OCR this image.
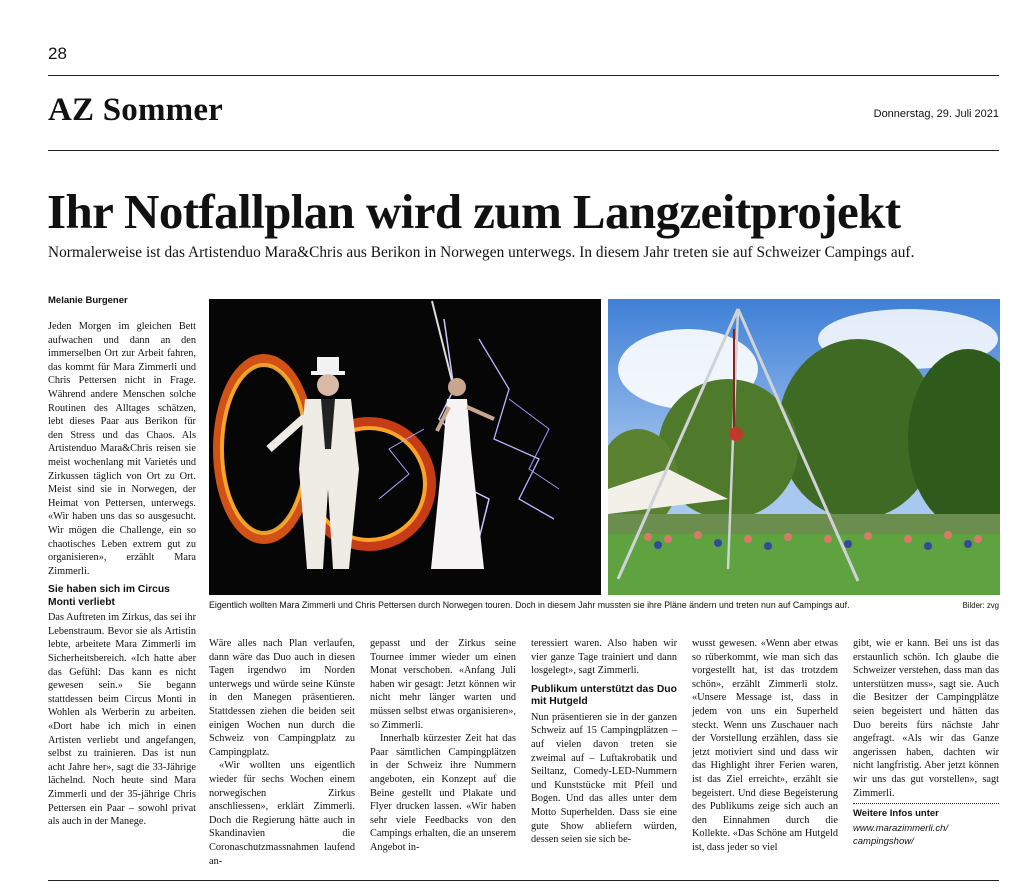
28
AZ Sommer	Donnerstag, 29. Juli 2021
Ihr Notfallplan wird zum Langzeitprojekt
Normalerweise ist das Artistenduo Mara&Chris aus Berikon in Norwegen unterwegs. In diesem Jahr treten sie auf Schweizer Campings auf.
Melanie Burgener

Jeden Morgen im gleichen Bett aufwachen und dann an den immerselben Ort zur Arbeit fahren, das kommt für Mara Zimmerli und Chris Pettersen nicht in Frage. Während andere Menschen solche Routinen des Alltages schätzen, lebt dieses Paar aus Berikon für den Stress und das Chaos. Als Artistenduo Mara&Chris reisen sie meist wochenlang mit Varietés und Zirkussen täglich von Ort zu Ort. Meist sind sie in Norwegen, der Heimat von Pettersen, unterwegs. «Wir haben uns das so ausgesucht. Wir mögen die Challenge, ein so chaotisches Leben extrem gut zu organisieren», erzählt Mara Zimmerli.

Sie haben sich im Circus Monti verliebt

Das Auftreten im Zirkus, das sei ihr Lebenstraum. Bevor sie als Artistin lebte, arbeitete Mara Zimmerli im Sicherheitsbereich. «Ich hatte aber das Gefühl: Das kann es nicht gewesen sein.» Sie begann stattdessen beim Circus Monti in Wohlen als Werberin zu arbeiten. «Dort habe ich mich in einen Artisten verliebt und angefangen, selbst zu trainieren. Das ist nun acht Jahre her», sagt die 33-Jährige lächelnd. Noch heute sind Mara Zimmerli und der 35-jährige Chris Pettersen ein Paar – sowohl privat als auch in der Manege.

Eigentlich wollten Mara Zimmerli und Chris Pettersen durch Norwegen touren. Doch in diesem Jahr mussten sie ihre Pläne ändern und treten nun auf Campings auf.	Bilder: zvg

Wäre alles nach Plan verlaufen, dann wäre das Duo auch in diesen Tagen irgendwo im Norden unterwegs und würde seine Künste in den Manegen präsentieren. Stattdessen ziehen die beiden seit einigen Wochen nun durch die Schweiz von Campingplatz zu Campingplatz.

«Wir wollten uns eigentlich wieder für sechs Wochen einem norwegischen Zirkus anschliessen», erklärt Zimmerli. Doch die Regierung hätte auch in Skandinavien die Coronaschutzmassnahmen laufend an-

gepasst und der Zirkus seine Tournee immer wieder um einen Monat verschoben. «Anfang Juli haben wir gesagt: Jetzt können wir nicht mehr länger warten und müssen selbst etwas organisieren», so Zimmerli.

Innerhalb kürzester Zeit hat das Paar sämtlichen Campingplätzen in der Schweiz ihre Nummern angeboten, ein Konzept auf die Beine gestellt und Plakate und Flyer drucken lassen. «Wir haben sehr viele Feedbacks von den Campings erhalten, die an unserem Angebot in-

teressiert waren. Also haben wir vier ganze Tage trainiert und dann losgelegt», sagt Zimmerli.

Publikum unterstützt das Duo mit Hutgeld

Nun präsentieren sie in der ganzen Schweiz auf 15 Campingplätzen – auf vielen davon treten sie zweimal auf – Luftakrobatik und Seiltanz, Comedy-LED-Nummern und Kunststücke mit Pfeil und Bogen. Und das alles unter dem Motto Superhelden. Dass sie eine gute Show abliefern würden, dessen seien sie sich be-

wusst gewesen. «Wenn aber etwas so rüberkommt, wie man sich das vorgestellt hat, ist das trotzdem schön», erzählt Zimmerli stolz. «Unsere Message ist, dass in jedem von uns ein Superheld steckt. Wenn uns Zuschauer nach der Vorstellung erzählen, dass sie jetzt motiviert sind und dass wir das Highlight ihrer Ferien waren, ist das Ziel erreicht», erzählt sie begeistert. Und diese Begeisterung des Publikums zeige sich auch an den Einnahmen durch die Kollekte. «Das Schöne am Hutgeld ist, dass jeder so viel

gibt, wie er kann. Bei uns ist das erstaunlich schön. Ich glaube die Schweizer verstehen, dass man das unterstützen muss», sagt sie. Auch die Besitzer der Campingplätze seien begeistert und hätten das Duo bereits fürs nächste Jahr angefragt. «Als wir das Ganze angerissen haben, dachten wir nicht langfristig. Aber jetzt können wir uns das gut vorstellen», sagt Zimmerli.

Weitere Infos unter
www.marazimmerli.ch/
campingshow/
